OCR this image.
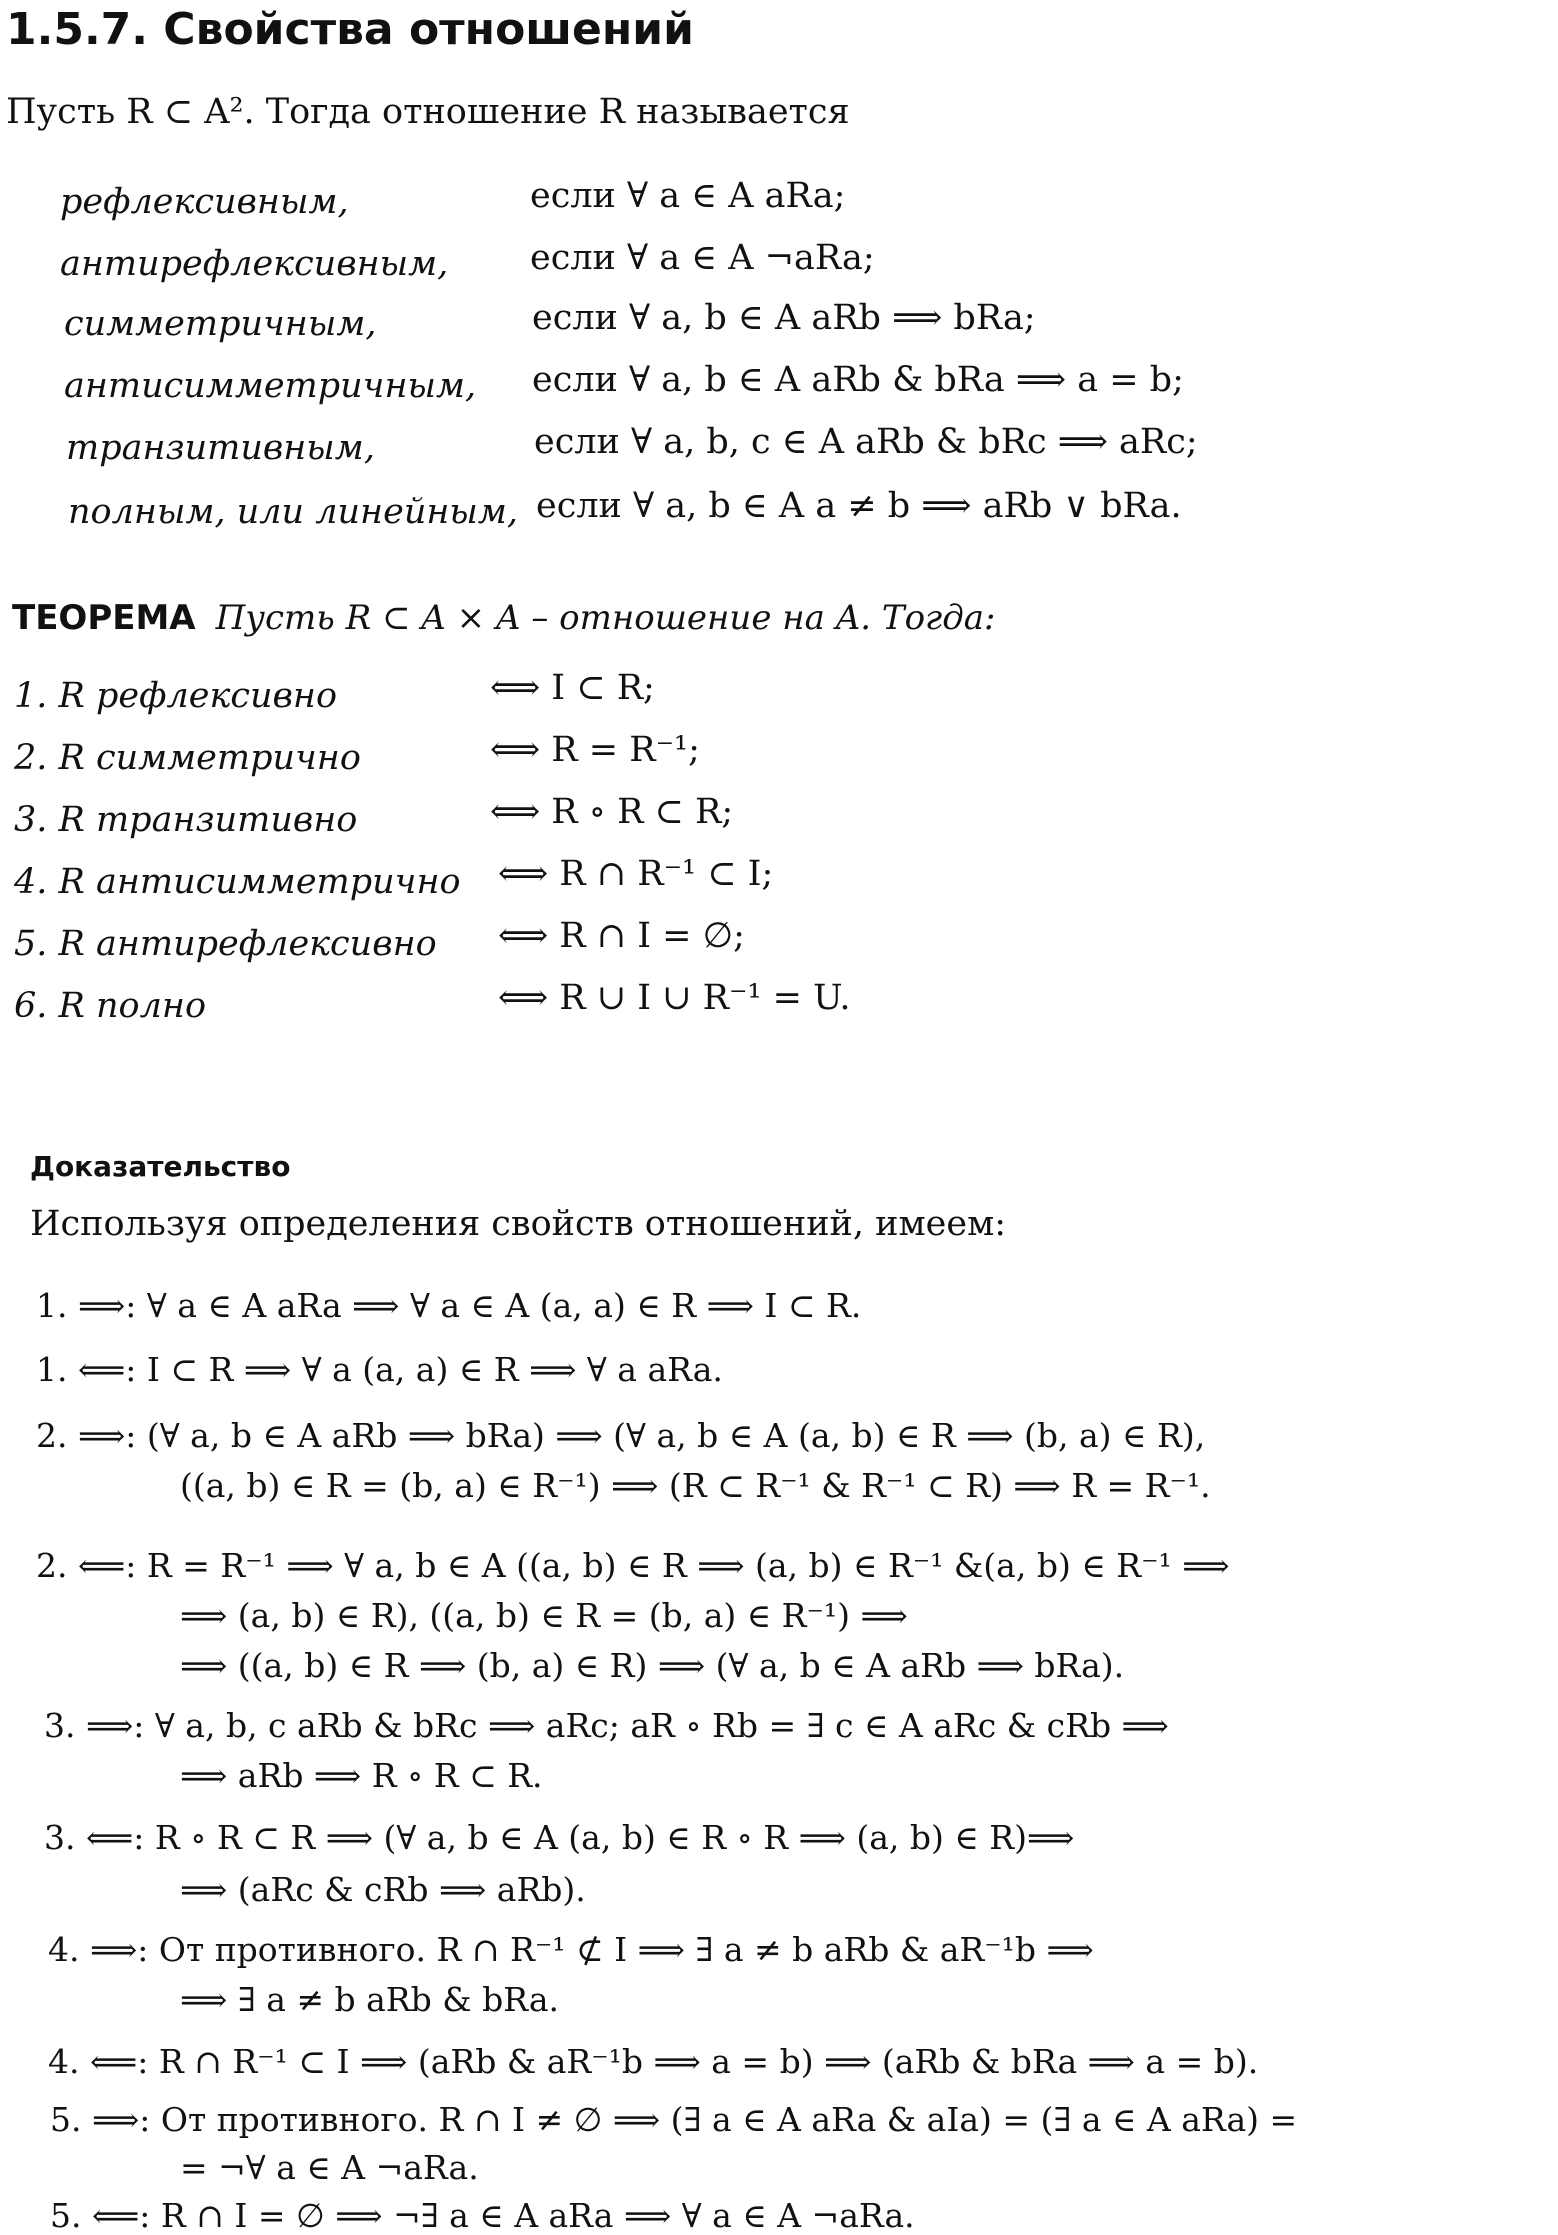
1.5.7. Свойства отношений
Пусть R ⊂ A². Тогда отношение R называется
рефлексивным,	если ∀ a ∈ A aRa;
антирефлексивным, если ∀ a ∈ A ¬aRa;
симметричным,	если ∀ a, b ∈ A aRb ⟹ bRa;
антисимметричным, если ∀ a, b ∈ A aRb & bRa ⟹ a = b;
транзитивным,	если ∀ a, b, c ∈ A aRb & bRc ⟹ aRc;
полным, или линейным, если ∀ a, b ∈ A a ≠ b ⟹ aRb ∨ bRa.
ТЕОРЕМА Пусть R ⊂ A × A – отношение на A. Тогда:
1. R рефлексивно	⟺ I ⊂ R;
2. R симметрично	⟺ R = R⁻¹;
3. R транзитивно	⟺ R ∘ R ⊂ R;
4. R антисимметрично ⟺ R ∩ R⁻¹ ⊂ I;
5. R антирефлексивно ⟺ R ∩ I = ∅;
6. R полно	⟺ R ∪ I ∪ R⁻¹ = U.
Доказательство
Используя определения свойств отношений, имеем:
1. ⟹: ∀ a ∈ A aRa ⟹ ∀ a ∈ A (a, a) ∈ R ⟹ I ⊂ R.
1. ⟸: I ⊂ R ⟹ ∀ a (a, a) ∈ R ⟹ ∀ a aRa.
2. ⟹: (∀ a, b ∈ A aRb ⟹ bRa) ⟹ (∀ a, b ∈ A (a, b) ∈ R ⟹ (b, a) ∈ R),
((a, b) ∈ R = (b, a) ∈ R⁻¹) ⟹ (R ⊂ R⁻¹ & R⁻¹ ⊂ R) ⟹ R = R⁻¹.
2. ⟸: R = R⁻¹ ⟹ ∀ a, b ∈ A ((a, b) ∈ R ⟹ (a, b) ∈ R⁻¹ &(a, b) ∈ R⁻¹ ⟹
⟹ (a, b) ∈ R), ((a, b) ∈ R = (b, a) ∈ R⁻¹) ⟹
⟹ ((a, b) ∈ R ⟹ (b, a) ∈ R) ⟹ (∀ a, b ∈ A aRb ⟹ bRa).
3. ⟹: ∀ a, b, c aRb & bRc ⟹ aRc; aR ∘ Rb = ∃ c ∈ A aRc & cRb ⟹
⟹ aRb ⟹ R ∘ R ⊂ R.
3. ⟸: R ∘ R ⊂ R ⟹ (∀ a, b ∈ A (a, b) ∈ R ∘ R ⟹ (a, b) ∈ R)⟹
⟹ (aRc & cRb ⟹ aRb).
4. ⟹: От противного. R ∩ R⁻¹ ⊄ I ⟹ ∃ a ≠ b aRb & aR⁻¹b ⟹
⟹ ∃ a ≠ b aRb & bRa.
4. ⟸: R ∩ R⁻¹ ⊂ I ⟹ (aRb & aR⁻¹b ⟹ a = b) ⟹ (aRb & bRa ⟹ a = b).
5. ⟹: От противного. R ∩ I ≠ ∅ ⟹ (∃ a ∈ A aRa & aIa) = (∃ a ∈ A aRa) =
= ¬∀ a ∈ A ¬aRa.
5. ⟸: R ∩ I = ∅ ⟹ ¬∃ a ∈ A aRa ⟹ ∀ a ∈ A ¬aRa.
